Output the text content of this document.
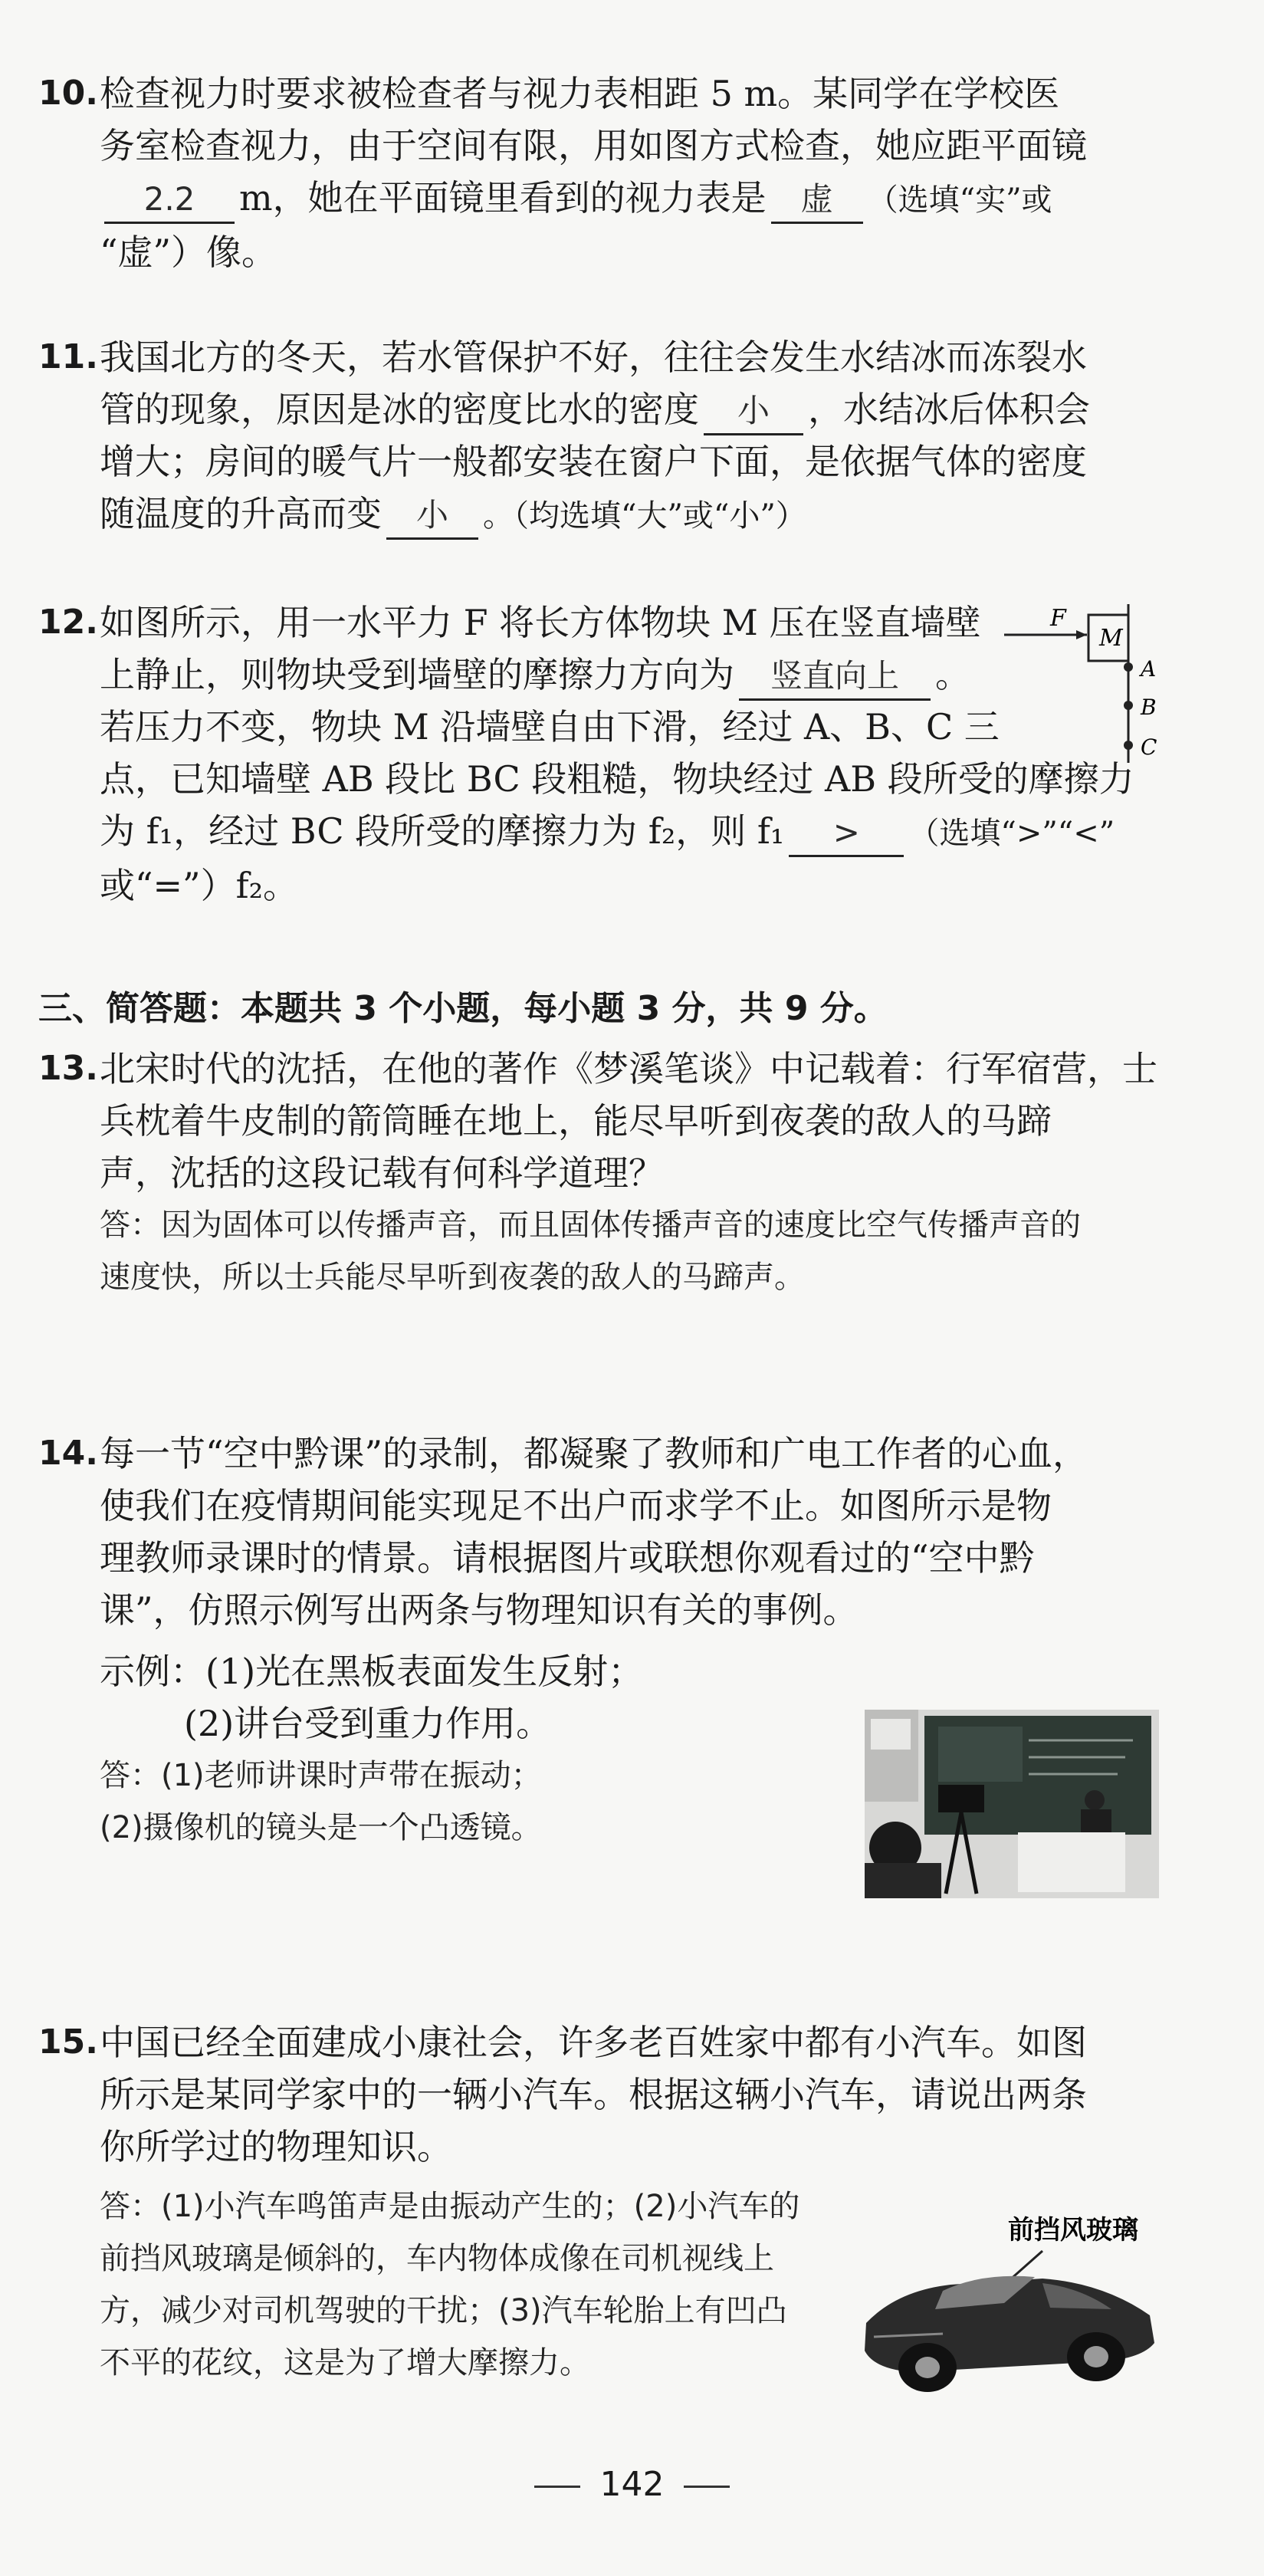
10. 检查视力时要求被检查者与视力表相距 5 m。某同学在学校医
务室检查视力，由于空间有限，用如图方式检查，她应距平面镜
2.2 m，她在平面镜里看到的视力表是 虚 （选填“实”或
“虚”）像。
11. 我国北方的冬天，若水管保护不好，往往会发生水结冰而冻裂水
管的现象，原因是冰的密度比水的密度 小 ，水结冰后体积会
增大；房间的暖气片一般都安装在窗户下面，是依据气体的密度
随温度的升高而变 小 。（均选填“大”或“小”）
12. 如图所示，用一水平力 F 将长方体物块 M 压在竖直墙壁
上静止，则物块受到墙壁的摩擦力方向为 竖直向上 。
若压力不变，物块 M 沿墙壁自由下滑，经过 A、B、C 三
点，已知墙壁 AB 段比 BC 段粗糙，物块经过 AB 段所受的摩擦力
为 f₁，经过 BC 段所受的摩擦力为 f₂，则 f₁ > （选填“>”“<”
或“=”）f₂。
F
M
A
B
C
三、简答题：本题共 3 个小题，每小题 3 分，共 9 分。
13. 北宋时代的沈括，在他的著作《梦溪笔谈》中记载着：行军宿营，士
兵枕着牛皮制的箭筒睡在地上，能尽早听到夜袭的敌人的马蹄
声，沈括的这段记载有何科学道理？
答：因为固体可以传播声音，而且固体传播声音的速度比空气传播声音的
速度快，所以士兵能尽早听到夜袭的敌人的马蹄声。
14. 每一节“空中黔课”的录制，都凝聚了教师和广电工作者的心血，
使我们在疫情期间能实现足不出户而求学不止。如图所示是物
理教师录课时的情景。请根据图片或联想你观看过的“空中黔
课”，仿照示例写出两条与物理知识有关的事例。
示例：(1)光在黑板表面发生反射；
(2)讲台受到重力作用。
答：(1)老师讲课时声带在振动；
(2)摄像机的镜头是一个凸透镜。
15. 中国已经全面建成小康社会，许多老百姓家中都有小汽车。如图
所示是某同学家中的一辆小汽车。根据这辆小汽车，请说出两条
你所学过的物理知识。
答：(1)小汽车鸣笛声是由振动产生的；(2)小汽车的
前挡风玻璃是倾斜的，车内物体成像在司机视线上
方，减少对司机驾驶的干扰；(3)汽车轮胎上有凹凸
不平的花纹，这是为了增大摩擦力。
前挡风玻璃
142
